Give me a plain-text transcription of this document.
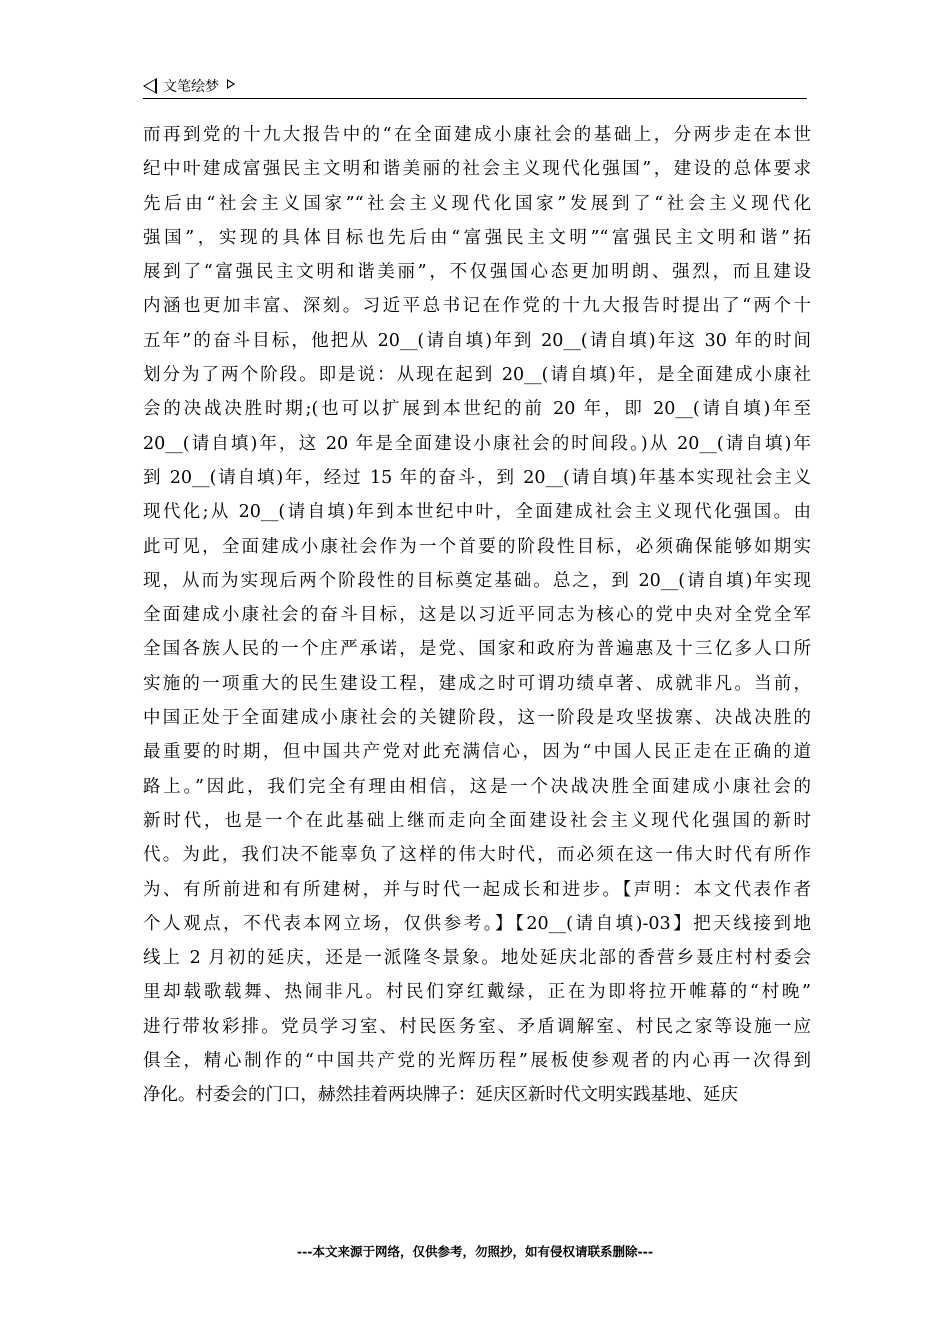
文笔绘梦
而再到党的十九大报告中的“在全面建成小康社会的基础上，分两步走在本世
纪中叶建成富强民主文明和谐美丽的社会主义现代化强国”，建设的总体要求
先后由“社会主义国家”“社会主义现代化国家”发展到了“社会主义现代化
强国”，实现的具体目标也先后由“富强民主文明”“富强民主文明和谐”拓
展到了“富强民主文明和谐美丽”，不仅强国心态更加明朗、强烈，而且建设
内涵也更加丰富、深刻。习近平总书记在作党的十九大报告时提出了“两个十
五年”的奋斗目标，他把从 20__(请自填)年到 20__(请自填)年这 30 年的时间
划分为了两个阶段。即是说：从现在起到 20__(请自填)年，是全面建成小康社
会的决战决胜时期;(也可以扩展到本世纪的前 20 年，即 20__(请自填)年至
20__(请自填)年，这 20 年是全面建设小康社会的时间段。)从 20__(请自填)年
到 20__(请自填)年，经过 15 年的奋斗，到 20__(请自填)年基本实现社会主义
现代化;从 20__(请自填)年到本世纪中叶，全面建成社会主义现代化强国。由
此可见，全面建成小康社会作为一个首要的阶段性目标，必须确保能够如期实
现，从而为实现后两个阶段性的目标奠定基础。总之，到 20__(请自填)年实现
全面建成小康社会的奋斗目标，这是以习近平同志为核心的党中央对全党全军
全国各族人民的一个庄严承诺，是党、国家和政府为普遍惠及十三亿多人口所
实施的一项重大的民生建设工程，建成之时可谓功绩卓著、成就非凡。当前，
中国正处于全面建成小康社会的关键阶段，这一阶段是攻坚拔寨、决战决胜的
最重要的时期，但中国共产党对此充满信心，因为“中国人民正走在正确的道
路上。”因此，我们完全有理由相信，这是一个决战决胜全面建成小康社会的
新时代，也是一个在此基础上继而走向全面建设社会主义现代化强国的新时
代。为此，我们决不能辜负了这样的伟大时代，而必须在这一伟大时代有所作
为、有所前进和有所建树，并与时代一起成长和进步。【声明：本文代表作者
个人观点，不代表本网立场，仅供参考。】【20__(请自填)-03】把天线接到地
线上 2 月初的延庆，还是一派隆冬景象。地处延庆北部的香营乡聂庄村村委会
里却载歌载舞、热闹非凡。村民们穿红戴绿，正在为即将拉开帷幕的“村晚”
进行带妆彩排。党员学习室、村民医务室、矛盾调解室、村民之家等设施一应
俱全，精心制作的“中国共产党的光辉历程”展板使参观者的内心再一次得到
净化。村委会的门口，赫然挂着两块牌子：延庆区新时代文明实践基地、延庆
---本文来源于网络，仅供参考，勿照抄，如有侵权请联系删除---
